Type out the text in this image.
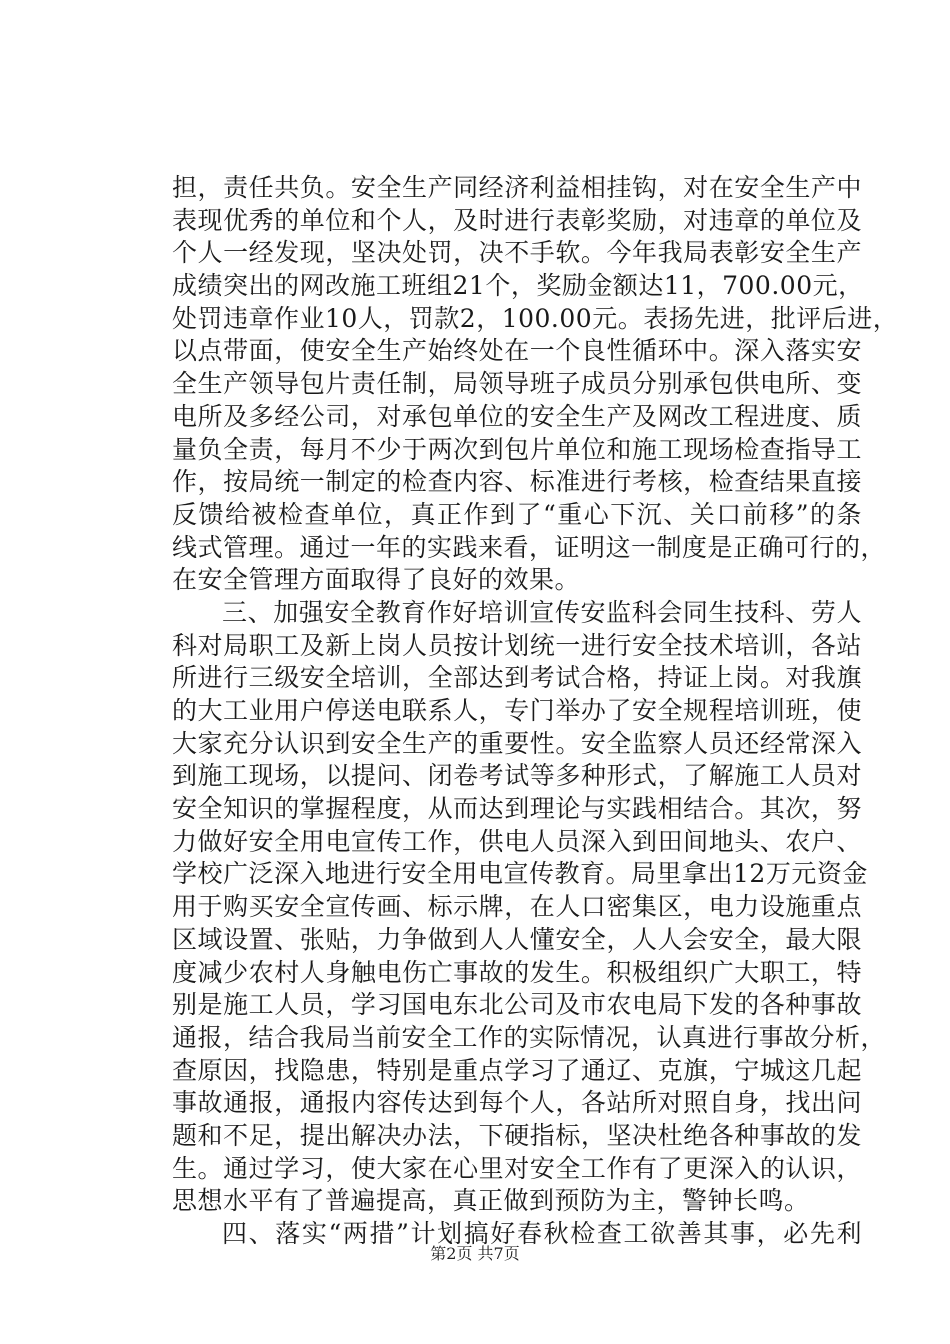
担，责任共负。安全生产同经济利益相挂钩，对在安全生产中
表现优秀的单位和个人，及时进行表彰奖励，对违章的单位及
个人一经发现，坚决处罚，决不手软。今年我局表彰安全生产
成绩突出的网改施工班组21个，奖励金额达11，700.00元，
处罚违章作业10人，罚款2，100.00元。表扬先进，批评后进，
以点带面，使安全生产始终处在一个良性循环中。深入落实安
全生产领导包片责任制，局领导班子成员分别承包供电所、变
电所及多经公司，对承包单位的安全生产及网改工程进度、质
量负全责，每月不少于两次到包片单位和施工现场检查指导工
作，按局统一制定的检查内容、标准进行考核，检查结果直接
反馈给被检查单位，真正作到了“重心下沉、关口前移”的条
线式管理。通过一年的实践来看，证明这一制度是正确可行的，
在安全管理方面取得了良好的效果。
三、加强安全教育作好培训宣传安监科会同生技科、劳人
科对局职工及新上岗人员按计划统一进行安全技术培训，各站
所进行三级安全培训，全部达到考试合格，持证上岗。对我旗
的大工业用户停送电联系人，专门举办了安全规程培训班，使
大家充分认识到安全生产的重要性。安全监察人员还经常深入
到施工现场，以提问、闭卷考试等多种形式，了解施工人员对
安全知识的掌握程度，从而达到理论与实践相结合。其次，努
力做好安全用电宣传工作，供电人员深入到田间地头、农户、
学校广泛深入地进行安全用电宣传教育。局里拿出12万元资金
用于购买安全宣传画、标示牌，在人口密集区，电力设施重点
区域设置、张贴，力争做到人人懂安全，人人会安全，最大限
度减少农村人身触电伤亡事故的发生。积极组织广大职工，特
别是施工人员，学习国电东北公司及市农电局下发的各种事故
通报，结合我局当前安全工作的实际情况，认真进行事故分析，
查原因，找隐患，特别是重点学习了通辽、克旗，宁城这几起
事故通报，通报内容传达到每个人，各站所对照自身，找出问
题和不足，提出解决办法，下硬指标，坚决杜绝各种事故的发
生。通过学习，使大家在心里对安全工作有了更深入的认识，
思想水平有了普遍提高，真正做到预防为主，警钟长鸣。
四、落实“两措”计划搞好春秋检查工欲善其事，必先利
第2页 共7页
